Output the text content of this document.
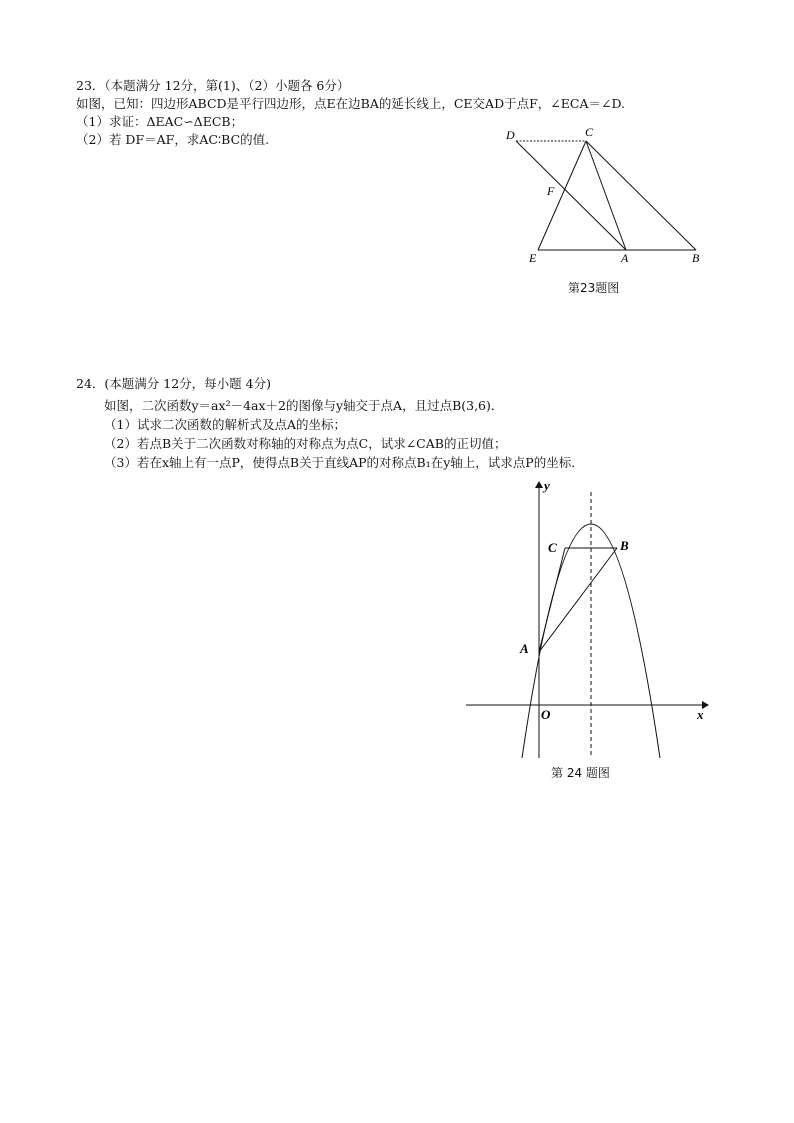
23．（本题满分 12分，第(1)、（2）小题各 6分）
如图，已知：四边形ABCD是平行四边形，点E在边BA的延长线上，CE交AD于点F，∠ECA＝∠D.
（1）求证：ΔEAC∽ΔECB；
（2）若 DF＝AF，求AC∶BC的值.	D	C
F
E	A	B
第23题图
24．(本题满分 12分，每小题 4分)
如图，二次函数y＝ax²－4ax＋2的图像与y轴交于点A，且过点B(3,6)．
（1）试求二次函数的解析式及点A的坐标；
（2）若点B关于二次函数对称轴的对称点为点C，试求∠CAB的正切值；
（3）若在x轴上有一点P，使得点B关于直线AP的对称点B₁在y轴上，试求点P的坐标．
y
x
O
A
B
C
第 24 题图
